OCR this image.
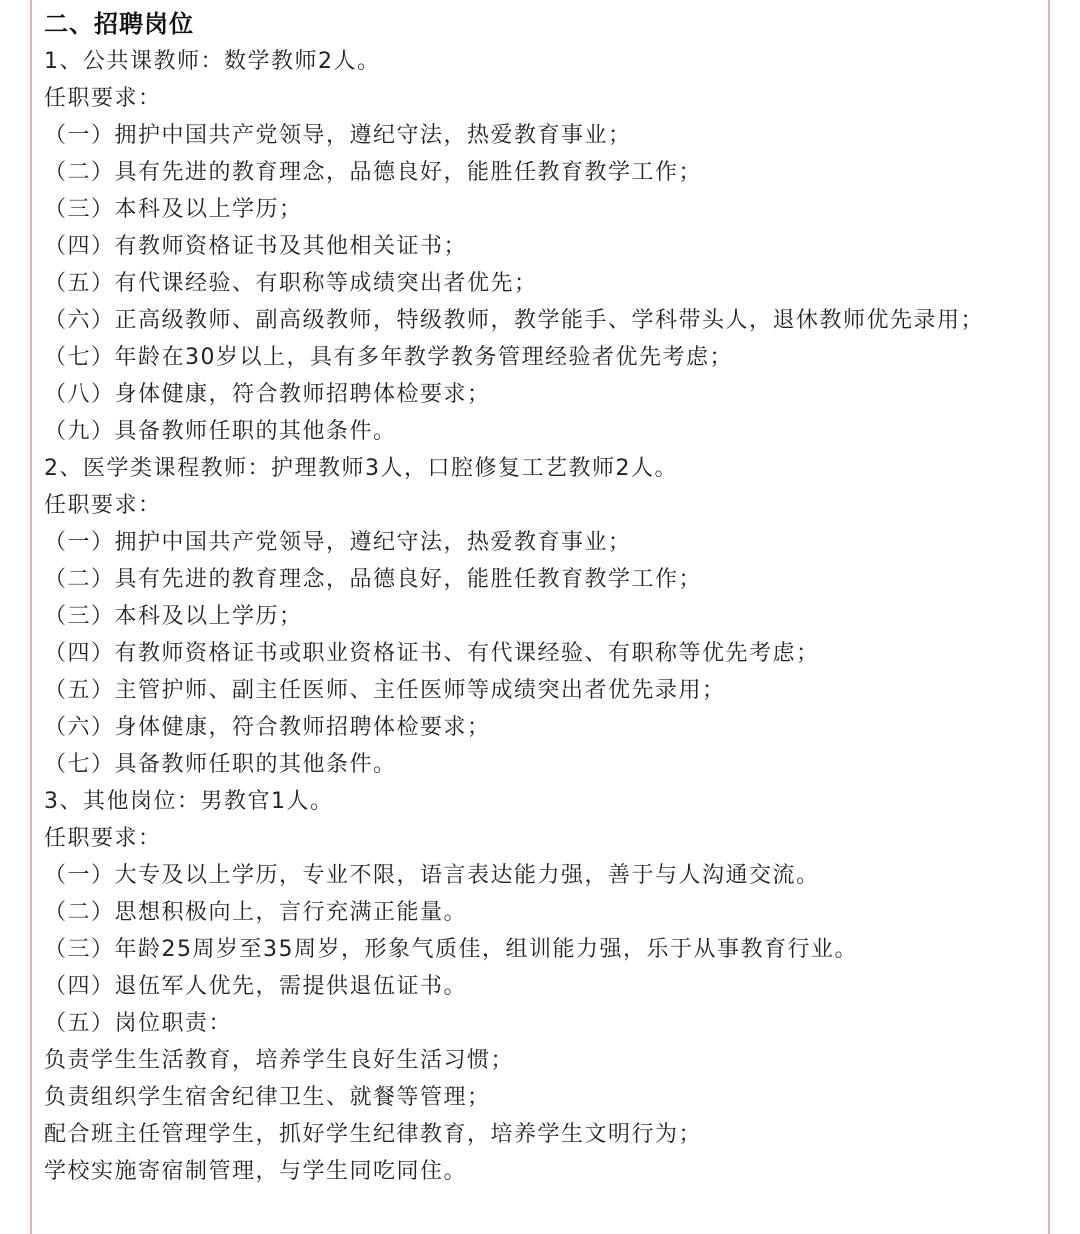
二、招聘岗位

1、公共课教师：数学教师2人。

任职要求：

（一）拥护中国共产党领导，遵纪守法，热爱教育事业；

（二）具有先进的教育理念，品德良好，能胜任教育教学工作；

（三）本科及以上学历；

（四）有教师资格证书及其他相关证书；

（五）有代课经验、有职称等成绩突出者优先；

（六）正高级教师、副高级教师，特级教师，教学能手、学科带头人，退休教师优先录用；

（七）年龄在30岁以上，具有多年教学教务管理经验者优先考虑；

（八）身体健康，符合教师招聘体检要求；

（九）具备教师任职的其他条件。

2、医学类课程教师：护理教师3人，口腔修复工艺教师2人。

任职要求：

（一）拥护中国共产党领导，遵纪守法，热爱教育事业；

（二）具有先进的教育理念，品德良好，能胜任教育教学工作；

（三）本科及以上学历；

（四）有教师资格证书或职业资格证书、有代课经验、有职称等优先考虑；

（五）主管护师、副主任医师、主任医师等成绩突出者优先录用；

（六）身体健康，符合教师招聘体检要求；

（七）具备教师任职的其他条件。

3、其他岗位：男教官1人。

任职要求：

（一）大专及以上学历，专业不限，语言表达能力强，善于与人沟通交流。

（二）思想积极向上，言行充满正能量。

（三）年龄25周岁至35周岁，形象气质佳，组训能力强，乐于从事教育行业。

（四）退伍军人优先，需提供退伍证书。

（五）岗位职责：

负责学生生活教育，培养学生良好生活习惯；

负责组织学生宿舍纪律卫生、就餐等管理；

配合班主任管理学生，抓好学生纪律教育，培养学生文明行为；

学校实施寄宿制管理，与学生同吃同住。
